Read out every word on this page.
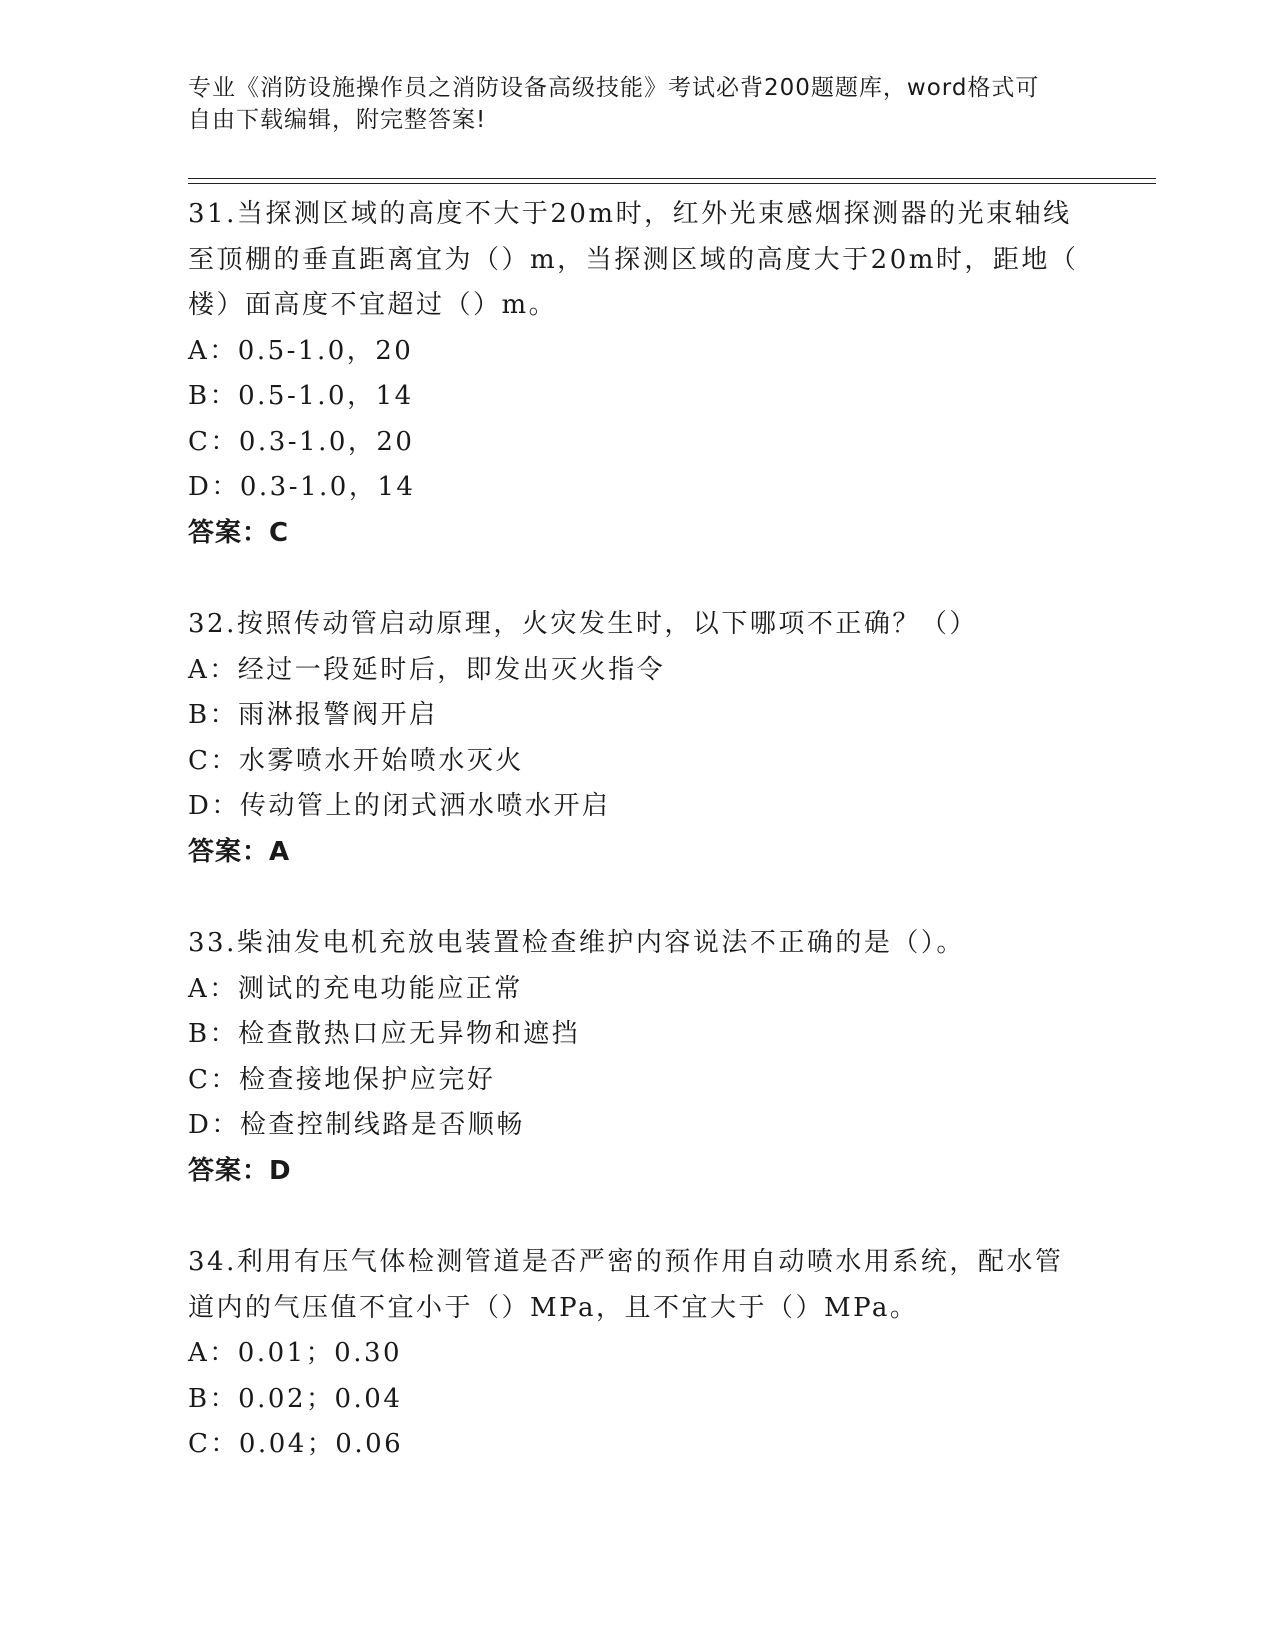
专业《消防设施操作员之消防设备高级技能》考试必背200题题库，word格式可
自由下载编辑，附完整答案!
31.当探测区域的高度不大于20m时，红外光束感烟探测器的光束轴线
至顶棚的垂直距离宜为（）m，当探测区域的高度大于20m时，距地（
楼）面高度不宜超过（）m。
A：0.5-1.0，20
B：0.5-1.0，14
C：0.3-1.0，20
D：0.3-1.0，14
答案：C
32.按照传动管启动原理，火灾发生时，以下哪项不正确？（）
A：经过一段延时后，即发出灭火指令
B：雨淋报警阀开启
C：水雾喷水开始喷水灭火
D：传动管上的闭式洒水喷水开启
答案：A
33.柴油发电机充放电装置检查维护内容说法不正确的是（）。
A：测试的充电功能应正常
B：检查散热口应无异物和遮挡
C：检查接地保护应完好
D：检查控制线路是否顺畅
答案：D
34.利用有压气体检测管道是否严密的预作用自动喷水用系统，配水管
道内的气压值不宜小于（）MPa，且不宜大于（）MPa。
A：0.01；0.30
B：0.02；0.04
C：0.04；0.06
